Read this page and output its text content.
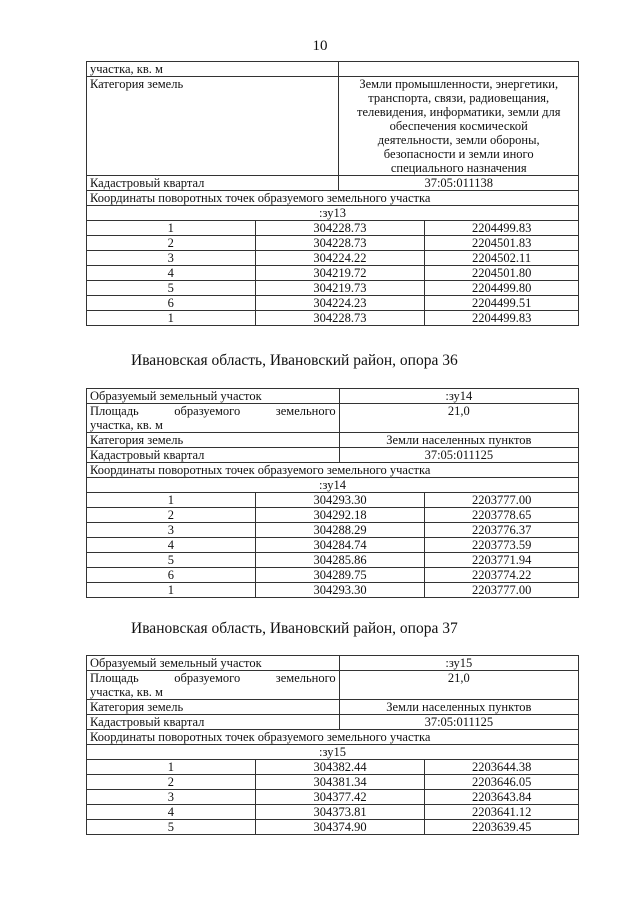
10
участка, кв. м			
Категория земель	Земли промышленности, энергетики,
транспорта, связи, радиовещания,
телевидения, информатики, земли для
обеспечения космической
деятельности, земли обороны,
безопасности и земли иного
специального назначения

Кадастровый квартал		37:05:011138	
Координаты поворотных точек образуемого земельного участка			
:зу13			
1	304228.73		2204499.83
2	304228.73		2204501.83
3	304224.22		2204502.11
4	304219.72		2204501.80
5	304219.73		2204499.80
6	304224.23		2204499.51
1	304228.73		2204499.83
Ивановская область, Ивановский район, опора 36
Образуемый земельный участок		:зу14	

Площадь образуемого земельного
участка, кв. м		21,0	
Категория земель		Земли населенных пунктов	
Кадастровый квартал		37:05:011125	
Координаты поворотных точек образуемого земельного участка			
:зу14			
1	304293.30		2203777.00
2	304292.18		2203778.65
3	304288.29		2203776.37
4	304284.74		2203773.59
5	304285.86		2203771.94
6	304289.75		2203774.22
1	304293.30		2203777.00
Ивановская область, Ивановский район, опора 37
Образуемый земельный участок		:зу15	

Площадь образуемого земельного
участка, кв. м		21,0	
Категория земель		Земли населенных пунктов	
Кадастровый квартал		37:05:011125	
Координаты поворотных точек образуемого земельного участка			
:зу15			
1	304382.44		2203644.38
2	304381.34		2203646.05
3	304377.42		2203643.84
4	304373.81		2203641.12
5	304374.90		2203639.45
